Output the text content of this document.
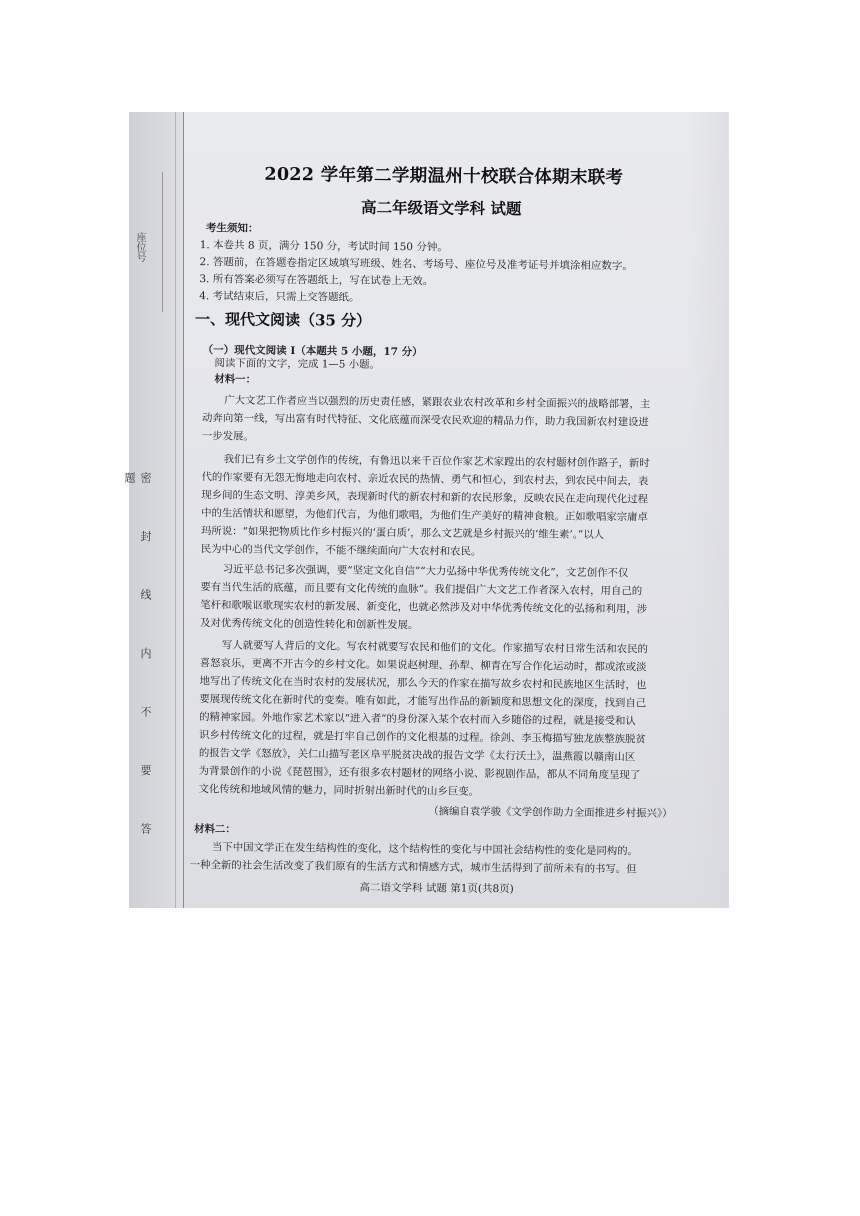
座位号
密 封 线 内 不 要 答 题
2022 学年第二学期温州十校联合体期末联考
高二年级语文学科 试题
考生须知：
1. 本卷共 8 页，满分 150 分，考试时间 150 分钟。
2. 答题前，在答题卷指定区域填写班级、姓名、考场号、座位号及准考证号并填涂相应数字。
3. 所有答案必须写在答题纸上，写在试卷上无效。
4. 考试结束后，只需上交答题纸。
一、现代文阅读（35 分）
（一）现代文阅读 I（本题共 5 小题，17 分）
阅读下面的文字，完成 1—5 小题。
材料一：
广大文艺工作者应当以强烈的历史责任感，紧跟农业农村改革和乡村全面振兴的战略部署，主
动奔向第一线，写出富有时代特征、文化底蕴而深受农民欢迎的精品力作，助力我国新农村建设进
一步发展。
我们已有乡土文学创作的传统，有鲁迅以来千百位作家艺术家蹚出的农村题材创作路子，新时
代的作家要有无怨无悔地走向农村、亲近农民的热情、勇气和恒心，到农村去，到农民中间去，表
现乡间的生态文明、淳美乡风，表现新时代的新农村和新的农民形象，反映农民在走向现代化过程
中的生活情状和愿望，为他们代言，为他们歌唱，为他们生产美好的精神食粮。正如歌唱家宗庸卓
玛所说：“如果把物质比作乡村振兴的‘蛋白质’，那么文艺就是乡村振兴的‘维生素’。”以人
民为中心的当代文学创作，不能不继续面向广大农村和农民。
习近平总书记多次强调，要“坚定文化自信”“大力弘扬中华优秀传统文化”，文艺创作不仅
要有当代生活的底蕴，而且要有文化传统的血脉”。我们提倡广大文艺工作者深入农村，用自己的
笔杆和歌喉讴歌现实农村的新发展、新变化，也就必然涉及对中华优秀传统文化的弘扬和利用，涉
及对优秀传统文化的创造性转化和创新性发展。
写人就要写人背后的文化。写农村就要写农民和他们的文化。作家描写农村日常生活和农民的
喜怒哀乐，更离不开古今的乡村文化。如果说赵树理、孙犁、柳青在写合作化运动时，都或浓或淡
地写出了传统文化在当时农村的发展状况，那么今天的作家在描写故乡农村和民族地区生活时，也
要展现传统文化在新时代的变奏。唯有如此，才能写出作品的新颖度和思想文化的深度，找到自己
的精神家园。外地作家艺术家以“进入者”的身份深入某个农村而入乡随俗的过程，就是接受和认
识乡村传统文化的过程，就是打牢自己创作的文化根基的过程。徐剑、李玉梅描写独龙族整族脱贫
的报告文学《怒放》，关仁山描写老区阜平脱贫决战的报告文学《太行沃土》，温燕霞以赣南山区
为背景创作的小说《琵琶围》，还有很多农村题材的网络小说、影视剧作品，都从不同角度呈现了
文化传统和地域风情的魅力，同时折射出新时代的山乡巨变。
（摘编自袁学骏《文学创作助力全面推进乡村振兴》）
材料二：
当下中国文学正在发生结构性的变化，这个结构性的变化与中国社会结构性的变化是同构的。
一种全新的社会生活改变了我们原有的生活方式和情感方式，城市生活得到了前所未有的书写。但
高二语文学科 试题 第1页(共8页)
